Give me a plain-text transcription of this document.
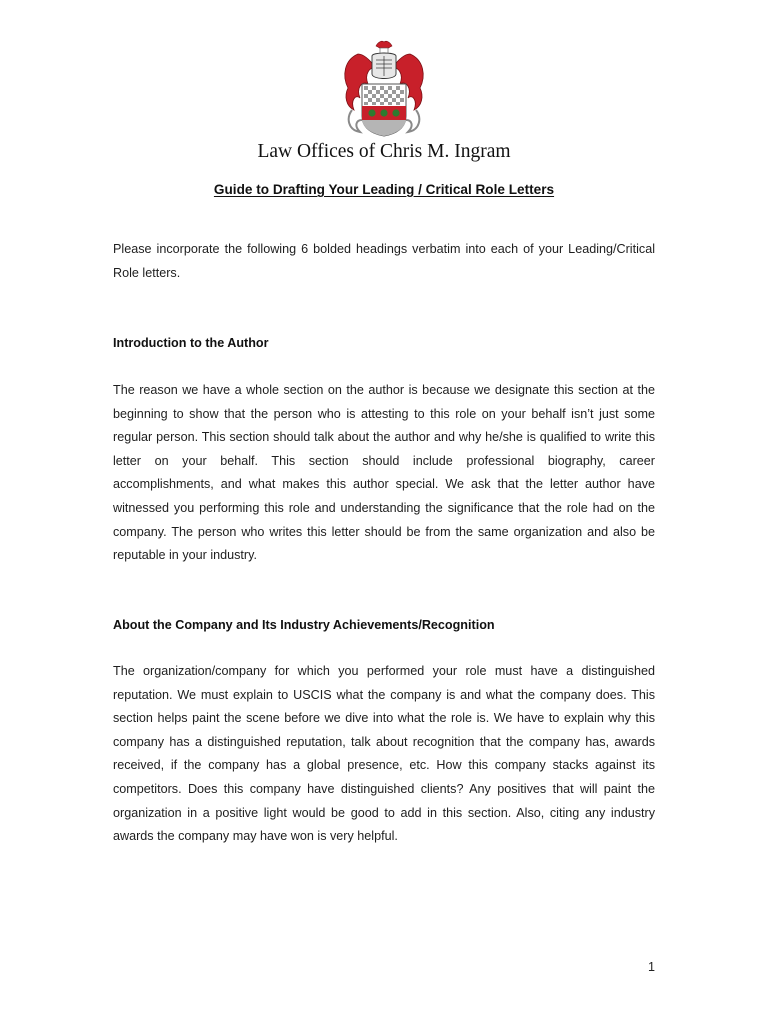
Law Offices of Chris M. Ingram
Guide to Drafting Your Leading / Critical Role Letters

Please incorporate the following 6 bolded headings verbatim into each of your Leading/Critical Role letters.

Introduction to the Author

The reason we have a whole section on the author is because we designate this section at the beginning to show that the person who is attesting to this role on your behalf isn’t just some regular person. This section should talk about the author and why he/she is qualified to write this letter on your behalf. This section should include professional biography, career accomplishments, and what makes this author special. We ask that the letter author have witnessed you performing this role and understanding the significance that the role had on the company. The person who writes this letter should be from the same organization and also be reputable in your industry.

About the Company and Its Industry Achievements/Recognition

The organization/company for which you performed your role must have a distinguished reputation. We must explain to USCIS what the company is and what the company does. This section helps paint the scene before we dive into what the role is. We have to explain why this company has a distinguished reputation, talk about recognition that the company has, awards received, if the company has a global presence, etc. How this company stacks against its competitors. Does this company have distinguished clients? Any positives that will paint the organization in a positive light would be good to add in this section. Also, citing any industry awards the company may have won is very helpful.

1
